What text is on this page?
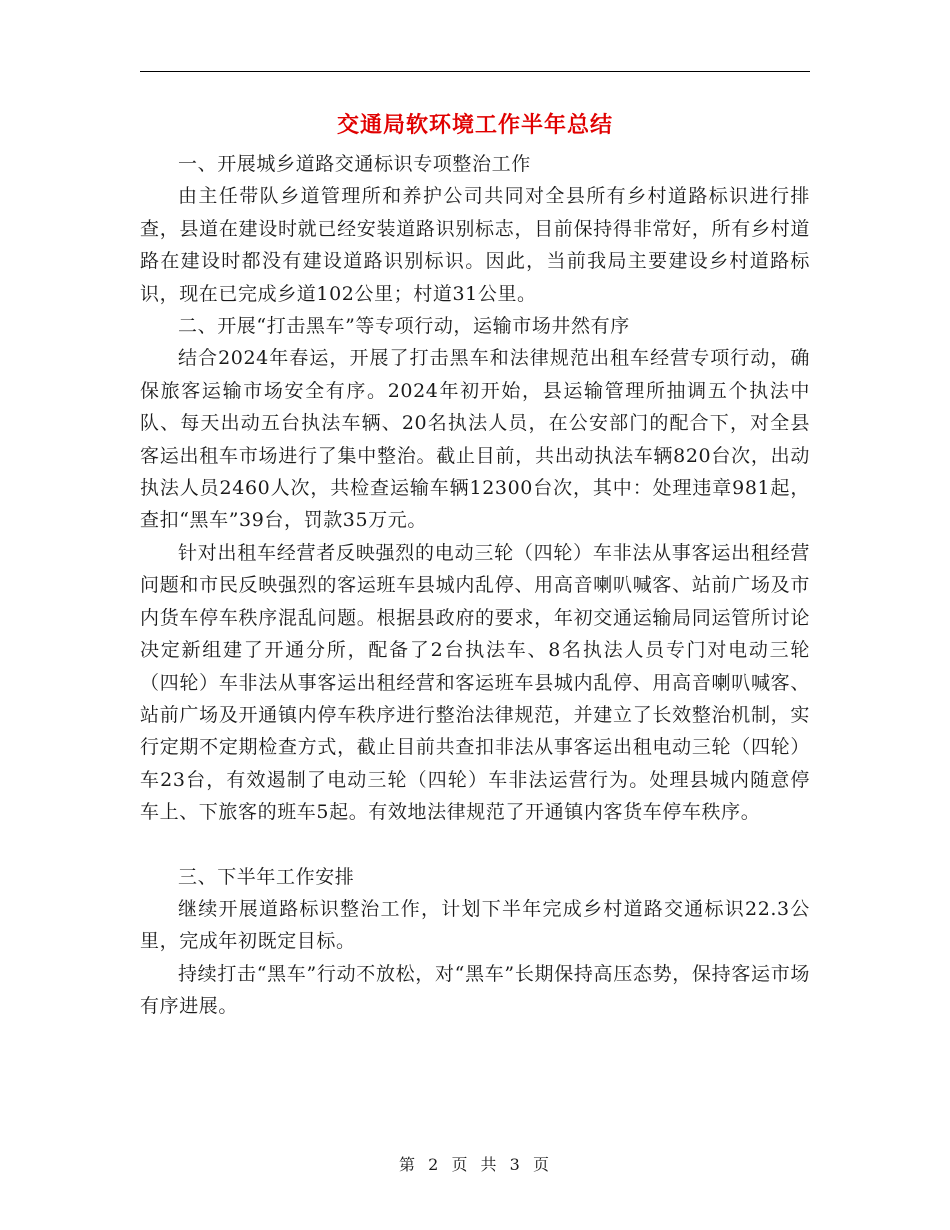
交通局软环境工作半年总结

一、开展城乡道路交通标识专项整治工作

由主任带队乡道管理所和养护公司共同对全县所有乡村道路标识进行排查，县道在建设时就已经安装道路识别标志，目前保持得非常好，所有乡村道路在建设时都没有建设道路识别标识。因此，当前我局主要建设乡村道路标识，现在已完成乡道102公里；村道31公里。

二、开展“打击黑车”等专项行动，运输市场井然有序

结合2024年春运，开展了打击黑车和法律规范出租车经营专项行动，确保旅客运输市场安全有序。2024年初开始，县运输管理所抽调五个执法中队、每天出动五台执法车辆、20名执法人员，在公安部门的配合下，对全县客运出租车市场进行了集中整治。截止目前，共出动执法车辆820台次，出动执法人员2460人次，共检查运输车辆12300台次，其中：处理违章981起，查扣“黑车”39台，罚款35万元。

针对出租车经营者反映强烈的电动三轮（四轮）车非法从事客运出租经营问题和市民反映强烈的客运班车县城内乱停、用高音喇叭喊客、站前广场及市内货车停车秩序混乱问题。根据县政府的要求，年初交通运输局同运管所讨论决定新组建了开通分所，配备了2台执法车、8名执法人员专门对电动三轮（四轮）车非法从事客运出租经营和客运班车县城内乱停、用高音喇叭喊客、站前广场及开通镇内停车秩序进行整治法律规范，并建立了长效整治机制，实行定期不定期检查方式，截止目前共查扣非法从事客运出租电动三轮（四轮）车23台，有效遏制了电动三轮（四轮）车非法运营行为。处理县城内随意停车上、下旅客的班车5起。有效地法律规范了开通镇内客货车停车秩序。

三、下半年工作安排

继续开展道路标识整治工作，计划下半年完成乡村道路交通标识22.3公里，完成年初既定目标。

持续打击“黑车”行动不放松，对“黑车”长期保持高压态势，保持客运市场有序进展。

第 2 页 共 3 页
